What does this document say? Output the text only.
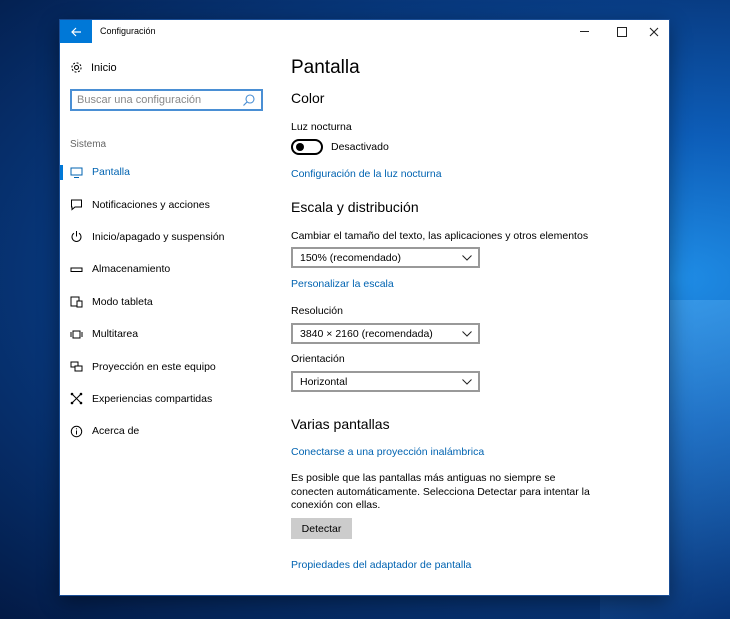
Configuración
Inicio
Buscar una configuración
Sistema
Pantalla
Notificaciones y acciones
Inicio/apagado y suspensión
Almacenamiento
Modo tableta
Multitarea
Proyección en este equipo
Experiencias compartidas
Acerca de
Pantalla
Color
Luz nocturna
Desactivado
Configuración de la luz nocturna
Escala y distribución
Cambiar el tamaño del texto, las aplicaciones y otros elementos
150% (recomendado)
Personalizar la escala
Resolución
3840 × 2160 (recomendada)
Orientación
Horizontal
Varias pantallas
Conectarse a una proyección inalámbrica
Es posible que las pantallas más antiguas no siempre se conecten automáticamente. Selecciona Detectar para intentar la conexión con ellas.
Detectar
Propiedades del adaptador de pantalla
